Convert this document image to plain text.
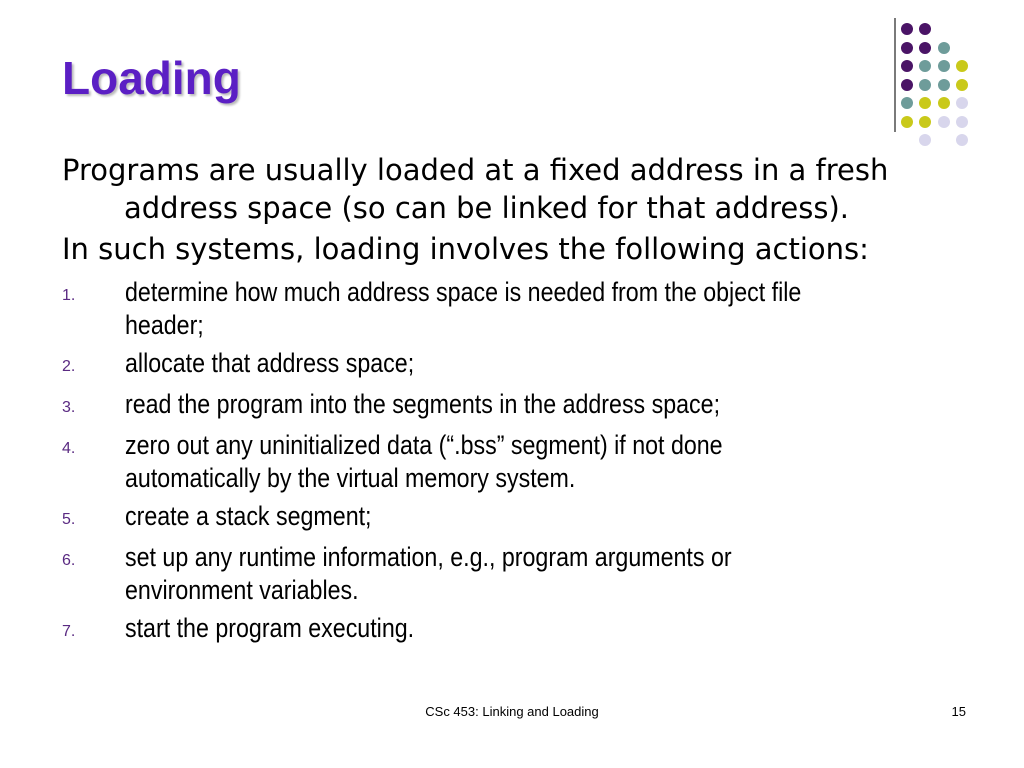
Loading

Programs are usually loaded at a fixed address in a fresh address space (so can be linked for that address).

In such systems, loading involves the following actions:

1.	determine how much address space is needed from the object file header;
2.	allocate that address space;
3.	read the program into the segments in the address space;
4.	zero out any uninitialized data (“.bss” segment) if not done automatically by the virtual memory system.
5.	create a stack segment;
6.	set up any runtime information, e.g., program arguments or environment variables.
7.	start the program executing.
CSc 453: Linking and Loading	15
